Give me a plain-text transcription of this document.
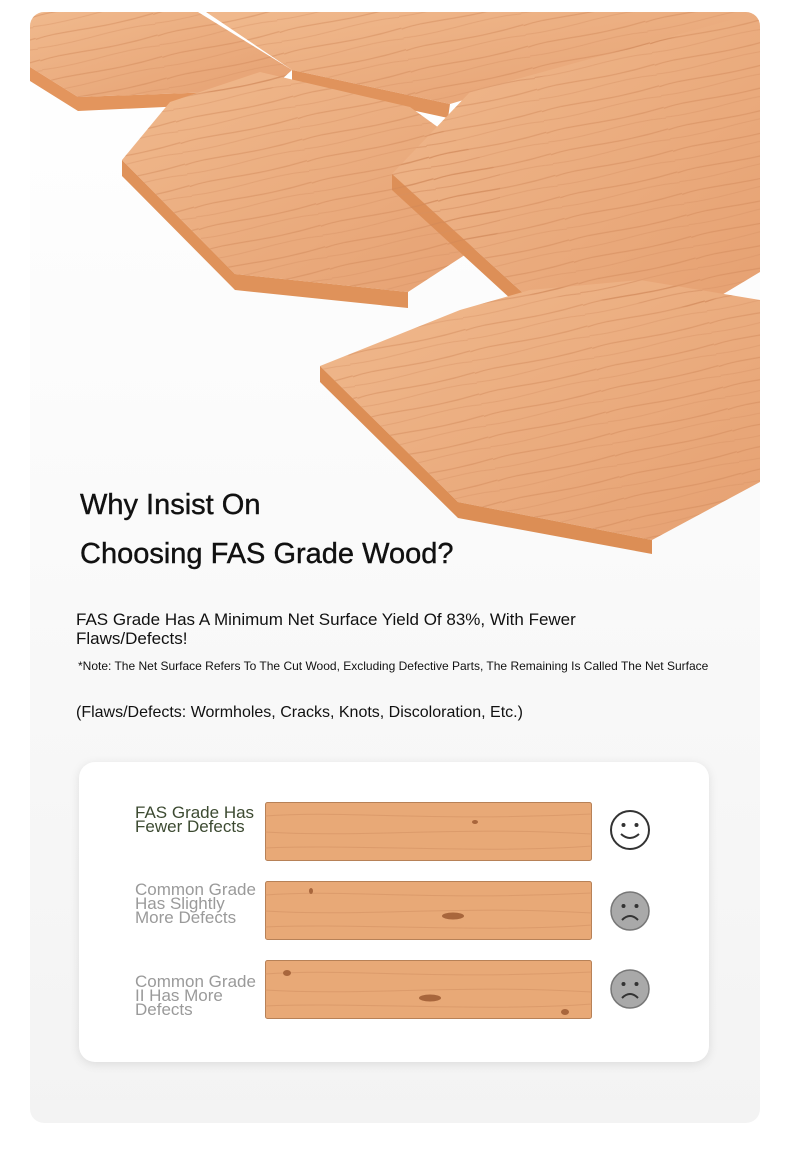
Why Insist On
Choosing FAS Grade Wood?
FAS Grade Has A Minimum Net Surface Yield Of 83%, With Fewer Flaws/Defects!
*Note: The Net Surface Refers To The Cut Wood, Excluding Defective Parts, The Remaining Is Called The Net Surface
(Flaws/Defects: Wormholes, Cracks, Knots, Discoloration, Etc.)
FAS Grade Has Fewer Defects
Common Grade Has Slightly More Defects
Common Grade II Has More Defects
